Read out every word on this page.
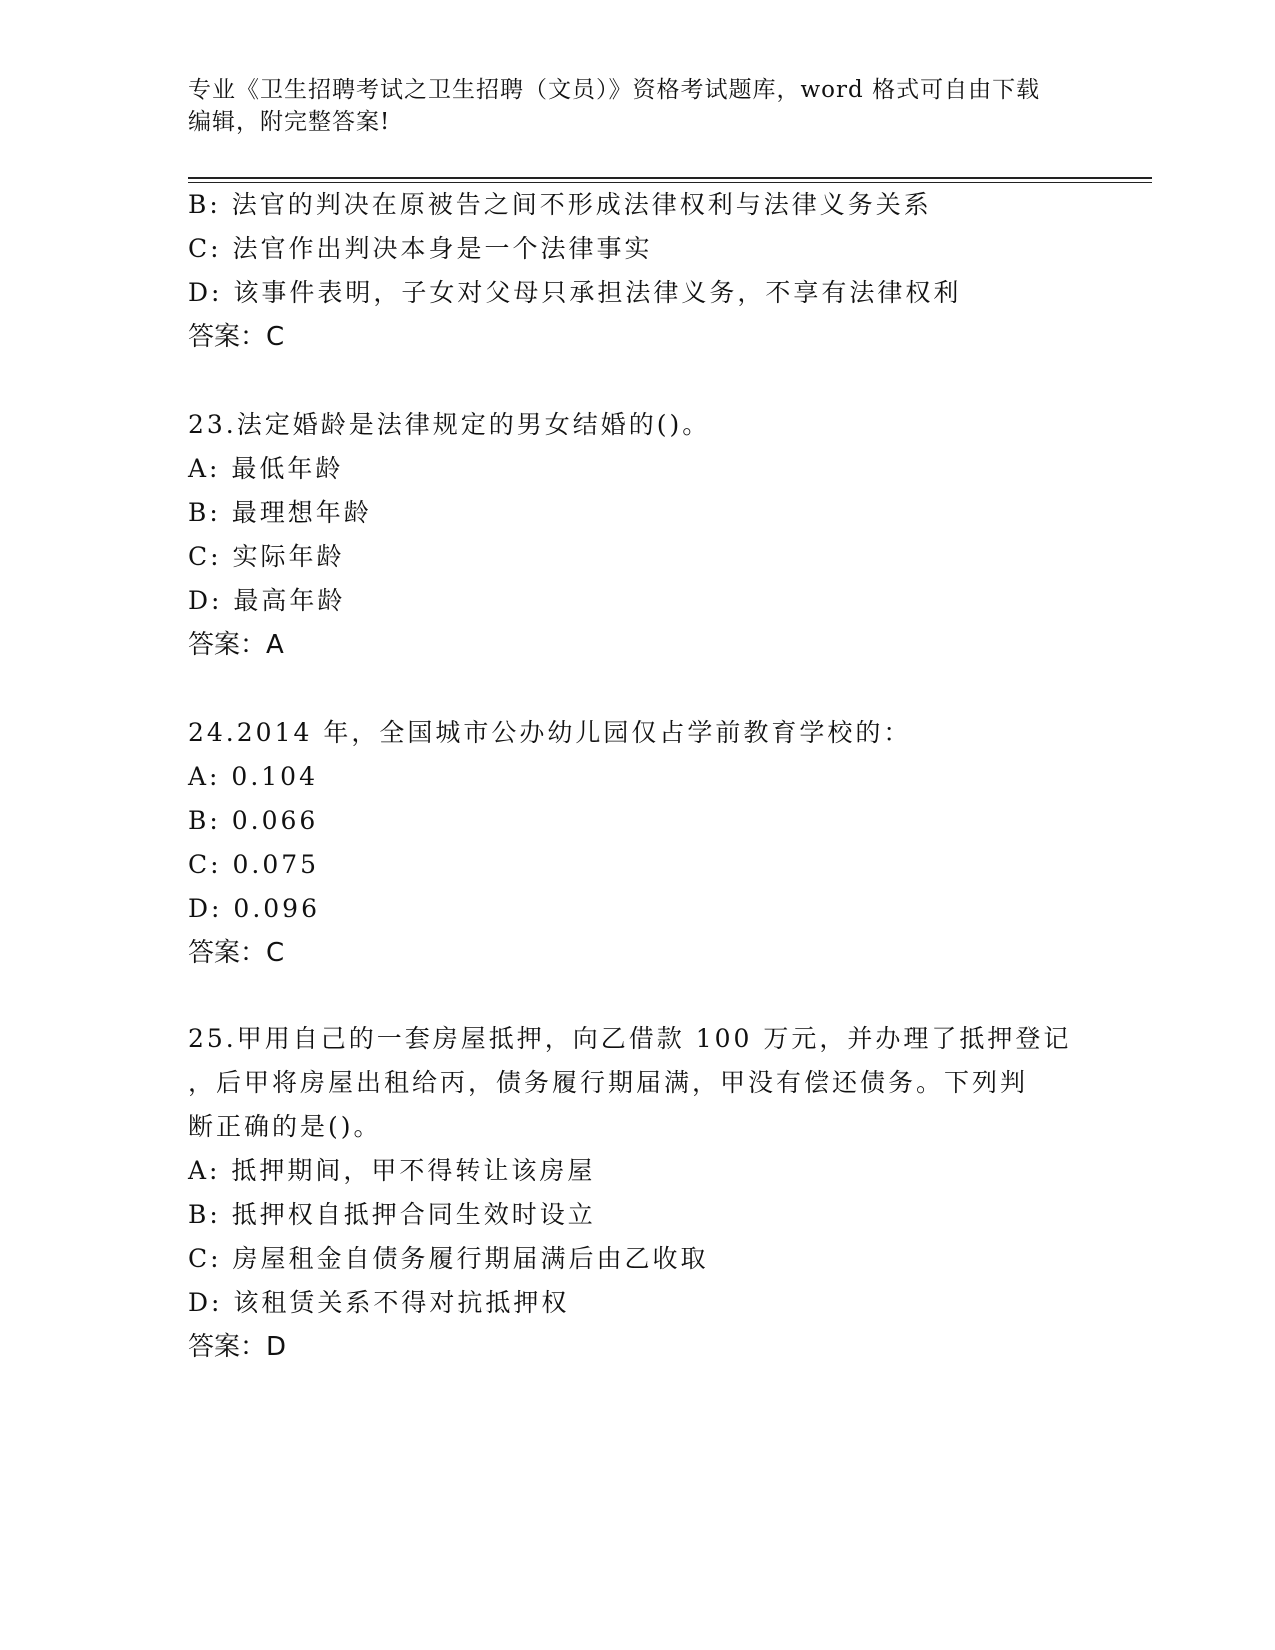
专业《卫生招聘考试之卫生招聘（文员）》资格考试题库，word 格式可自由下载
编辑，附完整答案!
B: 法官的判决在原被告之间不形成法律权利与法律义务关系
C: 法官作出判决本身是一个法律事实
D: 该事件表明，子女对父母只承担法律义务，不享有法律权利
答案：C
23.法定婚龄是法律规定的男女结婚的()。
A: 最低年龄
B: 最理想年龄
C: 实际年龄
D: 最高年龄
答案：A
24.2014 年，全国城市公办幼儿园仅占学前教育学校的：
A: 0.104
B: 0.066
C: 0.075
D: 0.096
答案：C
25.甲用自己的一套房屋抵押，向乙借款 100 万元，并办理了抵押登记
，后甲将房屋出租给丙，债务履行期届满，甲没有偿还债务。下列判
断正确的是()。
A: 抵押期间，甲不得转让该房屋
B: 抵押权自抵押合同生效时设立
C: 房屋租金自债务履行期届满后由乙收取
D: 该租赁关系不得对抗抵押权
答案：D
